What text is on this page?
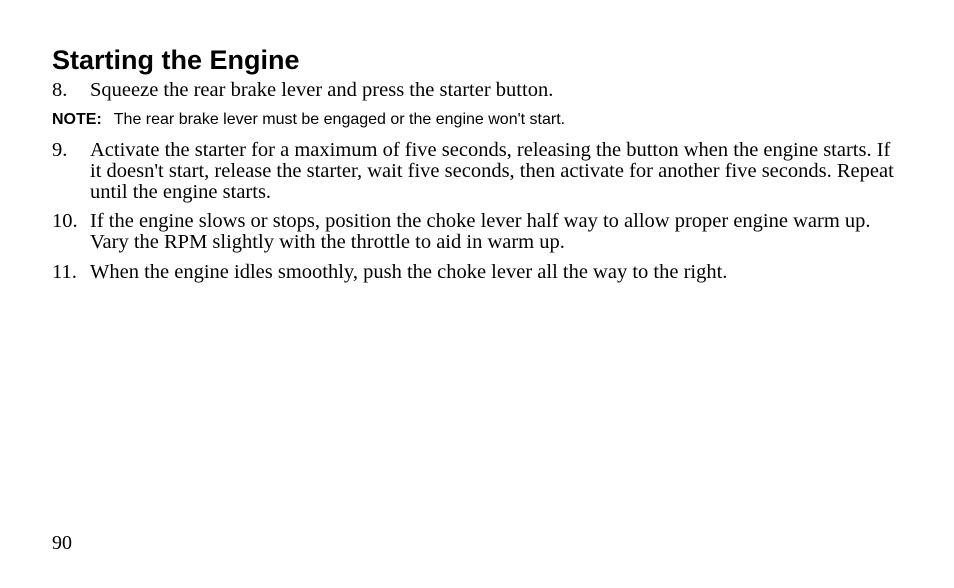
Starting the Engine
8.	Squeeze the rear brake lever and press the starter button.
NOTE: The rear brake lever must be engaged or the engine won't start.
9.	Activate the starter for a maximum of five seconds, releasing the button when the engine starts. If it doesn't start, release the starter, wait five seconds, then activate for another five seconds. Repeat until the engine starts.
10. If the engine slows or stops, position the choke lever half way to allow proper engine warm up. Vary the RPM slightly with the throttle to aid in warm up.
11. When the engine idles smoothly, push the choke lever all the way to the right.
90
